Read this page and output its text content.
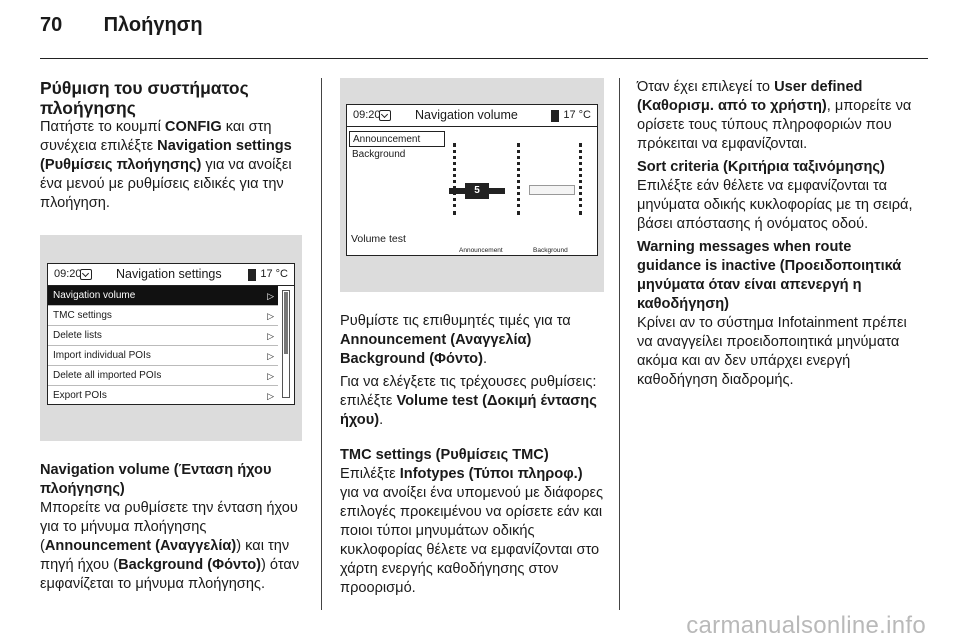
70 Πλοήγηση
Ρύθμιση του συστήματος πλοήγησης

Πατήστε το κουμπί CONFIG και στη συνέχεια επιλέξτε Navigation settings (Ρυθμίσεις πλοήγησης) για να ανοίξει ένα μενού με ρυθμίσεις ειδικές για την πλοήγηση.

09:20	Navigation settings	17 °C
Navigation volume	▷
TMC settings	▷
Delete lists	▷
Import individual POIs	▷
Delete all imported POIs	▷
Export POIs	▷
Navigation volume (Ένταση ήχου πλοήγησης)

Μπορείτε να ρυθμίσετε την ένταση ήχου για το μήνυμα πλοήγησης (Announcement (Αναγγελία)) και την πηγή ήχου (Background (Φόντο)) όταν εμφανίζεται το μήνυμα πλοήγησης.

09:20	Navigation volume	17 °C
Announcement
Background
5
Announcement	Background
Volume test

Ρυθμίστε τις επιθυμητές τιμές για τα Announcement (Αναγγελία) Background (Φόντο).

Για να ελέγξετε τις τρέχουσες ρυθμίσεις: επιλέξτε Volume test (Δοκιμή έντασης ήχου).

TMC settings (Ρυθμίσεις TMC)

Επιλέξτε Infotypes (Τύποι πληροφ.) για να ανοίξει ένα υπομενού με διάφορες επιλογές προκειμένου να ορίσετε εάν και ποιοι τύποι μηνυμάτων οδικής κυκλοφορίας θέλετε να εμφανίζονται στο χάρτη ενεργής καθοδήγησης στον προορισμό.

Όταν έχει επιλεγεί το User defined (Καθορισμ. από το χρήστη), μπορείτε να ορίσετε τους τύπους πληροφοριών που πρόκειται να εμφανίζονται.

Sort criteria (Κριτήρια ταξινόμησης)

Επιλέξτε εάν θέλετε να εμφανίζονται τα μηνύματα οδικής κυκλοφορίας με τη σειρά, βάσει απόστασης ή ονόματος οδού.

Warning messages when route guidance is inactive (Προειδοποιητικά μηνύματα όταν είναι απενεργή η καθοδήγηση)

Κρίνει αν το σύστημα Infotainment πρέπει να αναγγείλει προειδοποιητικά μηνύματα ακόμα και αν δεν υπάρχει ενεργή καθοδήγηση διαδρομής.

carmanualsonline.info
